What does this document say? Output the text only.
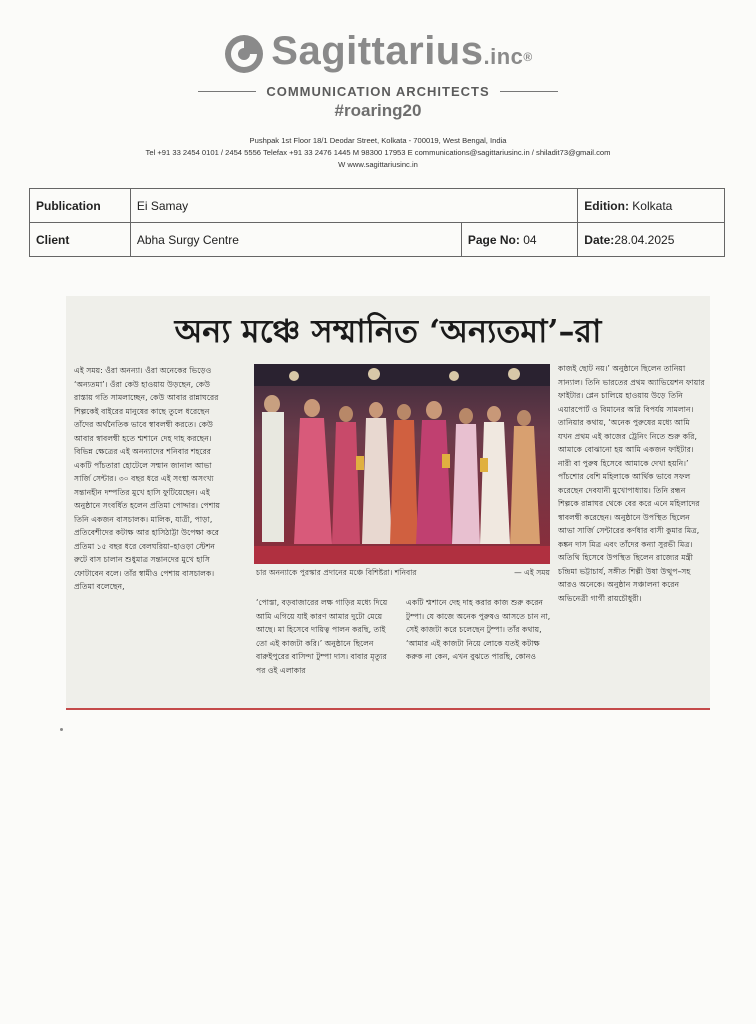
Sagittarius.inc®
COMMUNICATION ARCHITECTS
#roaring20
Pushpak 1st Floor 18/1 Deodar Street, Kolkata - 700019, West Bengal, India
Tel +91 33 2454 0101 / 2454 5556 Telefax +91 33 2476 1445 M 98300 17953 E communications@sagittariusinc.in / shiladit73@gmail.com
W www.sagittariusinc.in
Publication	Ei Samay		Edition: Kolkata
Client	Abha Surgy Centre	Page No: 04	Date:28.04.2025
অন্য মঞ্চে সম্মানিত ‘অন্যতমা’–রা

এই সময়: ওঁরা অনন্যা। ওঁরা অনেকের ভিড়েও ‘অন্যতমা’। ওঁরা কেউ হাওয়ায় উড়ছেন, কেউ রাস্তায় গতি সামলাচ্ছেন, কেউ আবার রান্নাঘরের শিল্পকেই বাইরের মানুষের কাছে তুলে ধরেছেন তাঁদের অর্থনৈতিক ভাবে স্বাবলম্বী করতে। কেউ আবার স্বাবলম্বী হতে শ্মশানে দেহ দাহ করছেন। বিভিন্ন ক্ষেত্রের এই অনন্যাদের শনিবার শহরের একটি পাঁচতারা হোটেলে সম্মান জানাল আভা সার্জি সেন্টার। ৩০ বছর ধরে এই সংস্থা অসংখ্য সন্তানহীন দম্পতির মুখে হাসি ফুটিয়েছেন। এই অনুষ্ঠানে সংবর্ধিত হলেন প্রতিমা পোদ্দার। পেশায় তিনি একজন বাসচালক। মালিক, যাত্রী, পাড়া, প্রতিবেশীদের কটাক্ষ আর হাসিঠাট্টা উপেক্ষা করে প্রতিমা ১৫ বছর ধরে বেলঘরিয়া–হাওড়া স্টেশন রুটে বাস চালান শুধুমাত্র সন্তানদের মুখে হাসি ফোটাবেন বলে। তাঁর স্বামীও পেশায় বাসচালক। প্রতিমা বলেছেন,

চার অনন্যাকে পুরস্কার প্রদানের মঞ্চে বিশিষ্টরা। শনিবার	— এই সময়

‘পোস্তা, বড়বাজারের লক্ষ গাড়ির মধ্যে দিয়ে আমি এগিয়ে যাই কারণ আমার দুটো মেয়ে আছে। মা হিসেবে দায়িত্ব পালন করছি, তাই তো এই কাজটা করি।’ অনুষ্ঠানে ছিলেন বারুইপুরের বাসিন্দা টুম্পা দাস। বাবার মৃত্যুর পর ওই এলাকার

একটি শ্মশানে দেহ দাহ করার কাজ শুরু করেন টুম্পা। যে কাজে অনেক পুরুষও আসতে চান না, সেই কাজটা করে চলেছেন টুম্পা। তাঁর কথায়, ‘আমার এই কাজটা নিয়ে লোকে যতই কটাক্ষ করুক না কেন, এখন বুঝতে পারছি, কোনও

কাজই ছোট নয়।’ অনুষ্ঠানে ছিলেন তানিয়া সান্যাল। তিনি ভারতের প্রথম অ্যাভিয়েশন ফায়ার ফাইটার। প্লেন চালিয়ে হাওয়ায় উড়ে তিনি এয়ারপোর্ট ও বিমানের অগ্নি বিপর্যয় সামলান। তানিয়ার কথায়, ‘অনেক পুরুষের মধ্যে আমি যখন প্রথম এই কাজের ট্রেনিং নিতে শুরু করি, আমাকে বোঝানো হয় আমি একজন ফাইটার। নারী বা পুরুষ হিসেবে আমাকে দেখা হয়নি।’ পাঁচশোর বেশি মহিলাকে আর্থিক ভাবে সফল করেছেন দেবযানী মুখোপাধ্যায়। তিনি রন্ধন শিল্পকে রান্নাঘর থেকে বের করে এনে মহিলাদের স্বাবলম্বী করেছেন। অনুষ্ঠানে উপস্থিত ছিলেন আভা সার্জি সেন্টারের কর্ণধার বাসী কুমার মিত্র, কঙ্কন দাস মিত্র এবং তাঁদের কন্যা সুরভী মিত্র। অতিথি হিসেবে উপস্থিত ছিলেন রাজ্যের মন্ত্রী চন্দ্রিমা ভট্টাচার্য, সঙ্গীত শিল্পী উষা উত্থুপ–সহ আরও অনেকে। অনুষ্ঠান সঞ্চালনা করেন অভিনেত্রী গার্গী রায়চৌধুরী।
